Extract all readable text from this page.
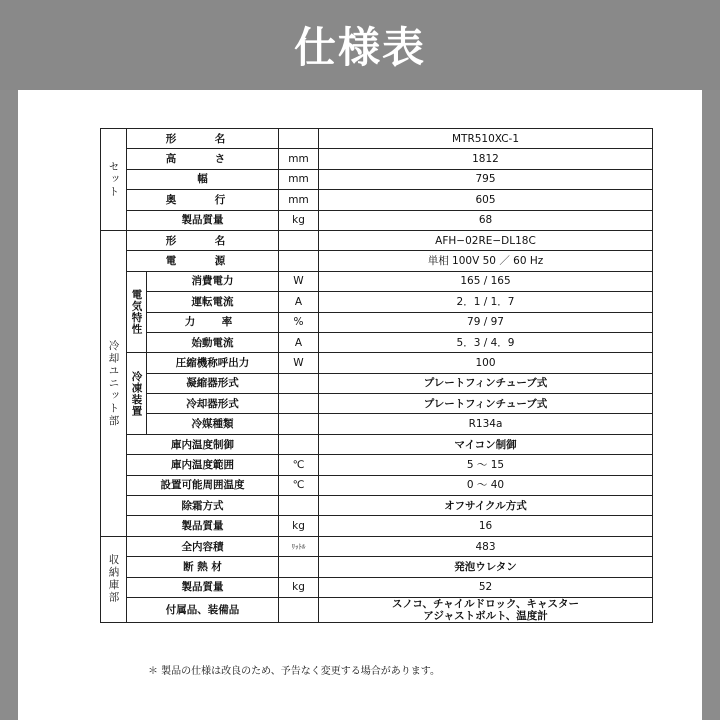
仕様表
セット	形　名			MTR510XC-1
	高　さ		mm	1812
	幅		mm	795
	奥　行		mm	605
	製品質量		kg	68
冷却ユニット部	形　名			AFH−02RE−DL18C
	電　源			単相 100V 50 ／ 60 Hz
	電気特性	消費電力	W	165 / 165
		運転電流	A	2．1 / 1．7
		力　率	%	79 / 97
		始動電流	A	5．3 / 4．9
	冷凍装置	圧縮機称呼出力	W	100
		凝縮器形式		プレートフィンチューブ式
		冷却器形式		プレートフィンチューブ式
		冷媒種類		R134a
	庫内温度制御			マイコン制御
	庫内温度範囲		℃	5 ～ 15
	設置可能周囲温度		℃	0 ～ 40
	除霜方式			オフサイクル方式
	製品質量		kg	16
収納庫部	全内容積		ﾘｯﾄﾙ	483
	断 熱 材			発泡ウレタン
	製品質量		kg	52
	付属品、装備品			スノコ、チャイルドロック、キャスター
アジャストボルト、温度計
＊ 製品の仕様は改良のため、予告なく変更する場合があります。
